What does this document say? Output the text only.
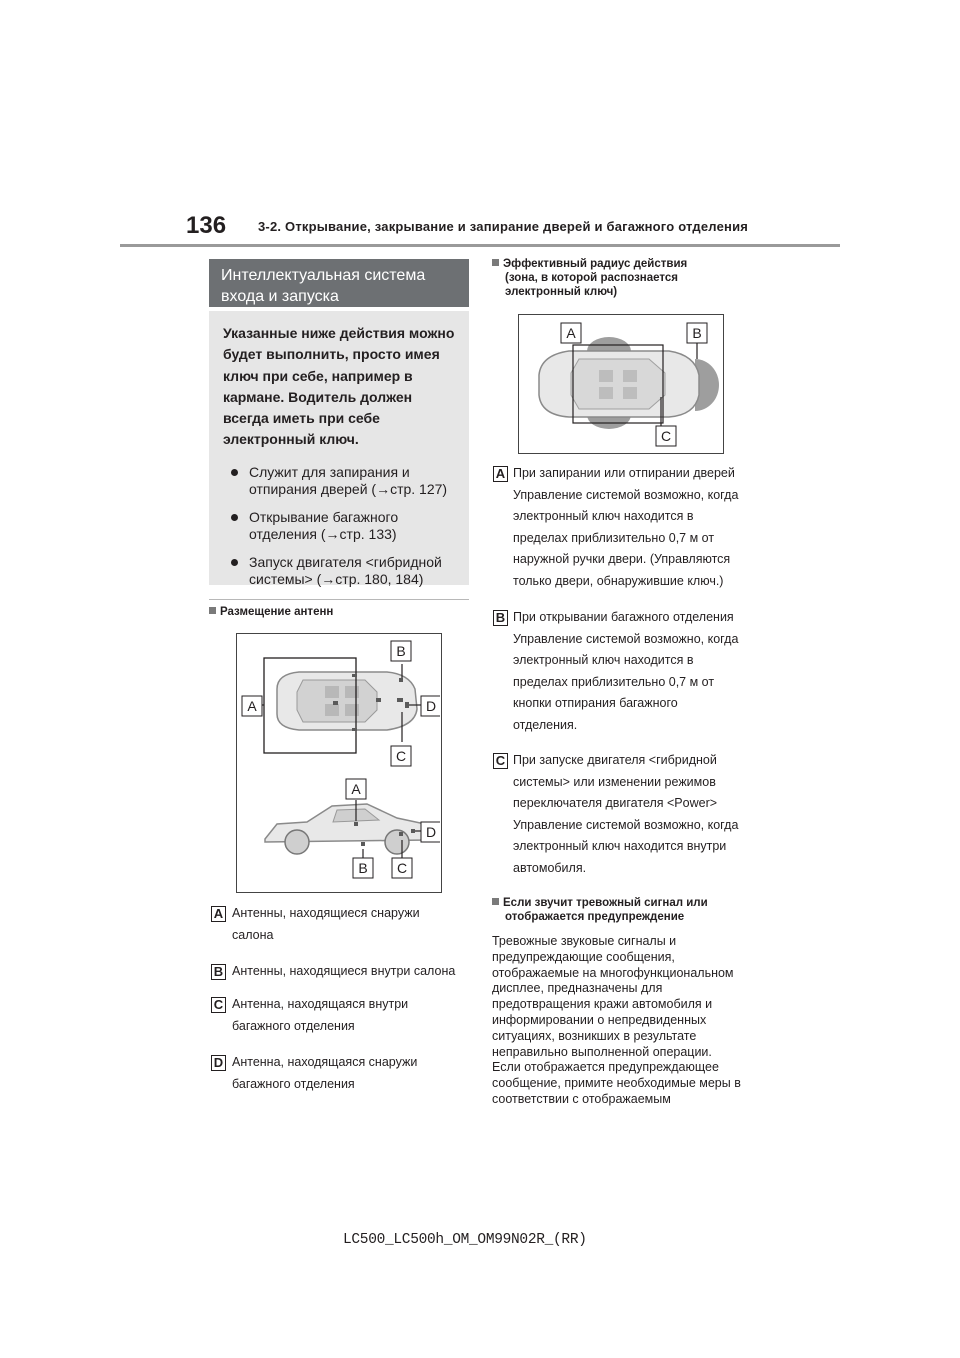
136 3-2. Открывание, закрывание и запирание дверей и багажного отделения
Интеллектуальная система
входа и запуска
Указанные ниже действия можно
будет выполнить, просто имея
ключ при себе, например в
кармане. Водитель должен
всегда иметь при себе
электронный ключ.
Служит для запирания и
отпирания дверей (→стр. 127)
Открывание багажного
отделения (→стр. 133)
Запуск двигателя <гибридной
системы> (→стр. 180, 184)
Размещение антенн
B
A	D
C
A
D
B C
A Антенны, находящиеся снаружи
салона
B Антенны, находящиеся внутри салона
C Антенна, находящаяся внутри
багажного отделения
D Антенна, находящаяся снаружи
багажного отделения
Эффективный радиус действия
(зона, в которой распознается
электронный ключ)
A	B
C
A При запирании или отпирании дверей
Управление системой возможно, когда
электронный ключ находится в
пределах приблизительно 0,7 м от
наружной ручки двери. (Управляются
только двери, обнаружившие ключ.)
B При открывании багажного отделения
Управление системой возможно, когда
электронный ключ находится в
пределах приблизительно 0,7 м от
кнопки отпирания багажного
отделения.
C При запуске двигателя <гибридной
системы> или изменении режимов
переключателя двигателя <Power>
Управление системой возможно, когда
электронный ключ находится внутри
автомобиля.
Если звучит тревожный сигнал или
отображается предупреждение
Тревожные звуковые сигналы и
предупреждающие сообщения,
отображаемые на многофункциональном
дисплее, предназначены для
предотвращения кражи автомобиля и
информировании о непредвиденных
ситуациях, возникших в результате
неправильно выполненной операции.
Если отображается предупреждающее
сообщение, примите необходимые меры в
соответствии с отображаемым
LC500_LC500h_OM_OM99N02R_(RR)
